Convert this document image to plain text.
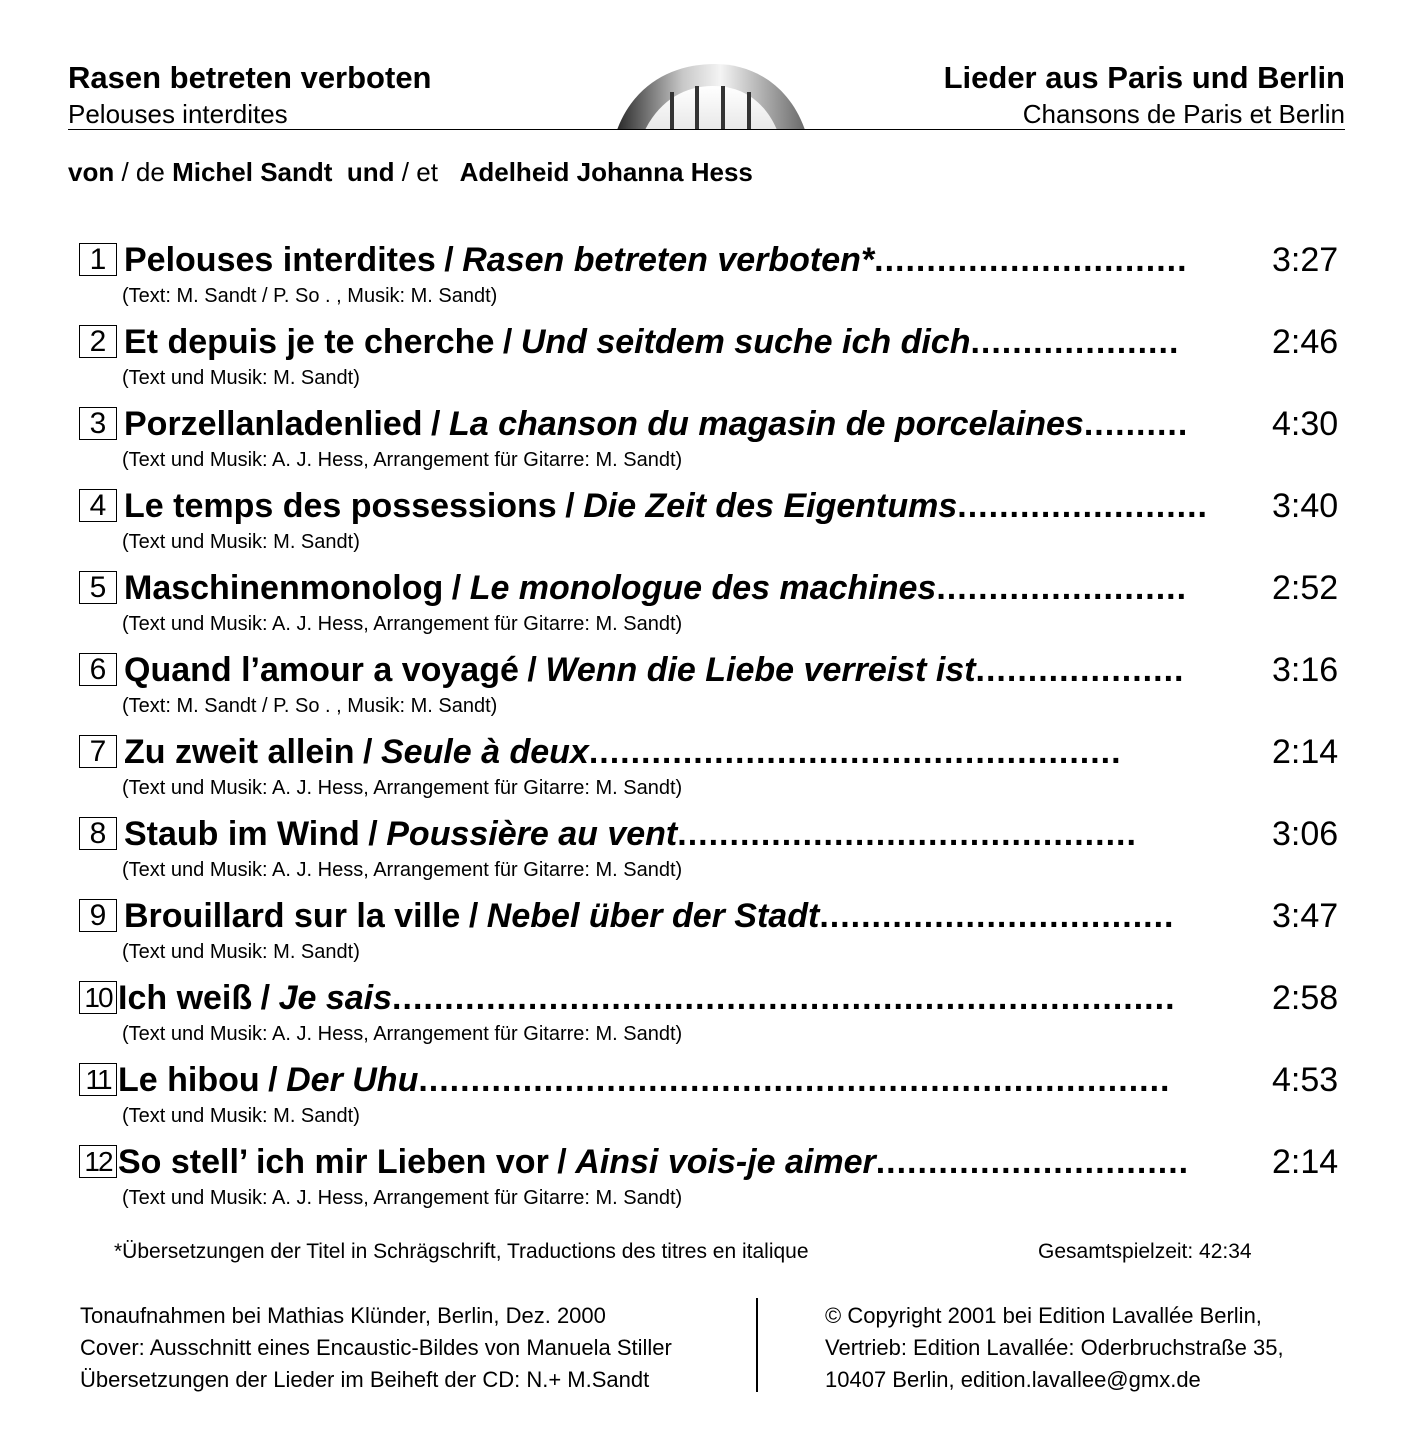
Rasen betreten verboten
Pelouses interdites
Lieder aus Paris und Berlin
Chansons de Paris et Berlin
von / de Michel Sandt und / et Adelheid Johanna Hess
1 Pelouses interdites / Rasen betreten verboten* ..............................	3:27
(Text: M. Sandt / P. So . , Musik: M. Sandt)
2 Et depuis je te cherche / Und seitdem suche ich dich ....................	2:46
(Text und Musik: M. Sandt)
3 Porzellanladenlied / La chanson du magasin de porcelaines ..........	4:30
(Text und Musik: A. J. Hess, Arrangement für Gitarre: M. Sandt)
4 Le temps des possessions / Die Zeit des Eigentums ........................	3:40
(Text und Musik: M. Sandt)
5 Maschinenmonolog / Le monologue des machines ........................	2:52
(Text und Musik: A. J. Hess, Arrangement für Gitarre: M. Sandt)
6 Quand l’amour a voyagé / Wenn die Liebe verreist ist ....................	3:16
(Text: M. Sandt / P. So . , Musik: M. Sandt)
7 Zu zweit allein / Seule à deux ...................................................	2:14
(Text und Musik: A. J. Hess, Arrangement für Gitarre: M. Sandt)
8 Staub im Wind / Poussière au vent ............................................	3:06
(Text und Musik: A. J. Hess, Arrangement für Gitarre: M. Sandt)
9 Brouillard sur la ville / Nebel über der Stadt ..................................	3:47
(Text und Musik: M. Sandt)
10 Ich weiß / Je sais ...........................................................................	2:58
(Text und Musik: A. J. Hess, Arrangement für Gitarre: M. Sandt)
11 Le hibou / Der Uhu ........................................................................	4:53
(Text und Musik: M. Sandt)
12 So stell’ ich mir Lieben vor / Ainsi vois-je aimer ..............................	2:14
(Text und Musik: A. J. Hess, Arrangement für Gitarre: M. Sandt)
*Übersetzungen der Titel in Schrägschrift, Traductions des titres en italique	Gesamtspielzeit: 42:34
Tonaufnahmen bei Mathias Klünder, Berlin, Dez. 2000
Cover: Ausschnitt eines Encaustic-Bildes von Manuela Stiller
Übersetzungen der Lieder im Beiheft der CD: N.+ M.Sandt
© Copyright 2001 bei Edition Lavallée Berlin,
Vertrieb: Edition Lavallée: Oderbruchstraße 35,
10407 Berlin, edition.lavallee@gmx.de
